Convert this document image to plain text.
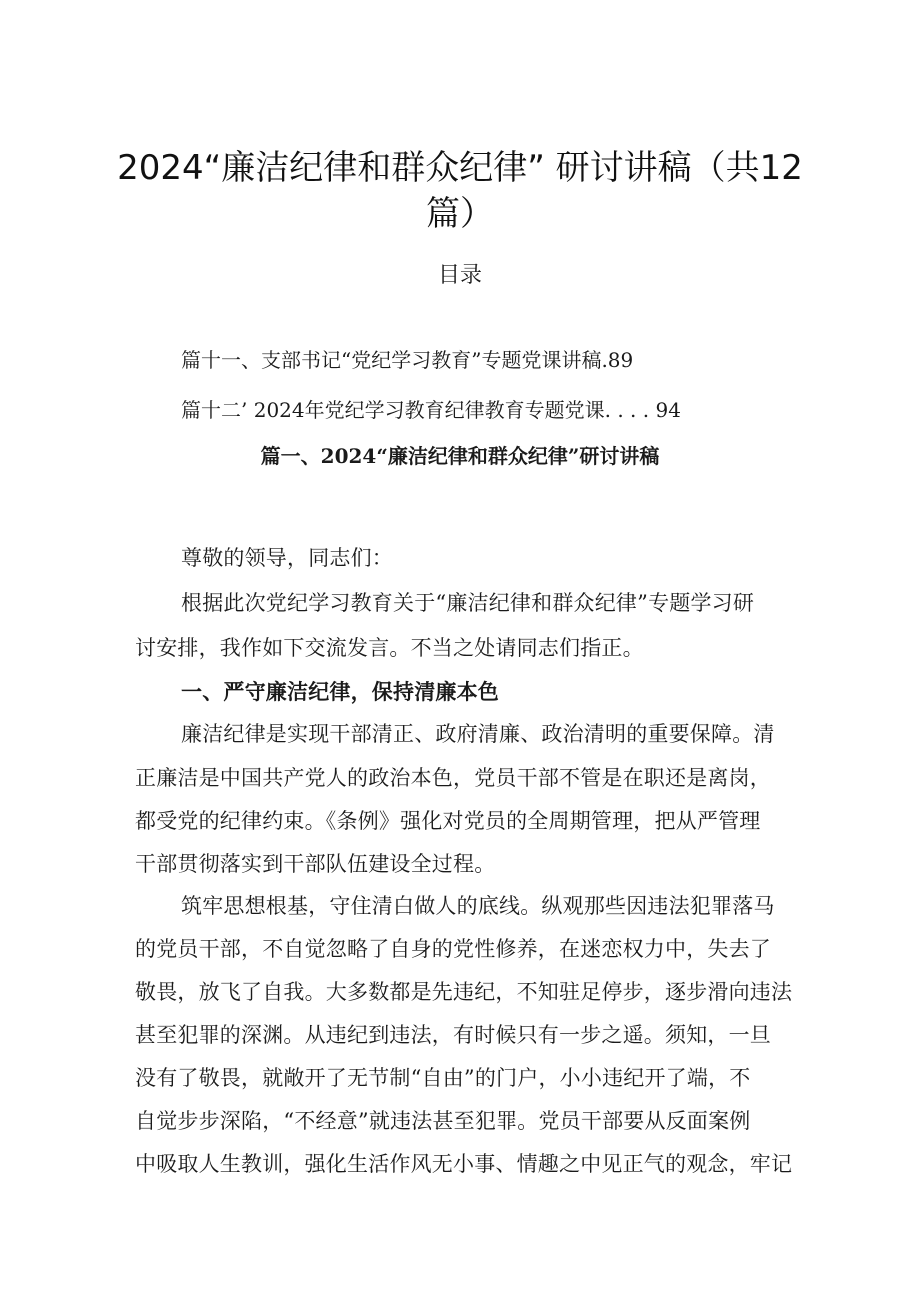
2024“廉洁纪律和群众纪律” 研讨讲稿（共12
篇）
目录
篇十一、支部书记“党纪学习教育”专题党课讲稿.89
篇十二’ 2024年党纪学习教育纪律教育专题党课. . . . 94
篇一、2024“廉洁纪律和群众纪律”研讨讲稿
尊敬的领导，同志们：
根据此次党纪学习教育关于“廉洁纪律和群众纪律”专题学习研
讨安排，我作如下交流发言。不当之处请同志们指正。
一、严守廉洁纪律，保持清廉本色
廉洁纪律是实现干部清正、政府清廉、政治清明的重要保障。清
正廉洁是中国共产党人的政治本色，党员干部不管是在职还是离岗，
都受党的纪律约束。《条例》强化对党员的全周期管理，把从严管理
干部贯彻落实到干部队伍建设全过程。
筑牢思想根基，守住清白做人的底线。纵观那些因违法犯罪落马
的党员干部，不自觉忽略了自身的党性修养，在迷恋权力中，失去了
敬畏，放飞了自我。大多数都是先违纪，不知驻足停步，逐步滑向违法
甚至犯罪的深渊。从违纪到违法，有时候只有一步之遥。须知，一旦
没有了敬畏，就敞开了无节制“自由”的门户，小小违纪开了端，不
自觉步步深陷，“不经意”就违法甚至犯罪。党员干部要从反面案例
中吸取人生教训，强化生活作风无小事、情趣之中见正气的观念，牢记
